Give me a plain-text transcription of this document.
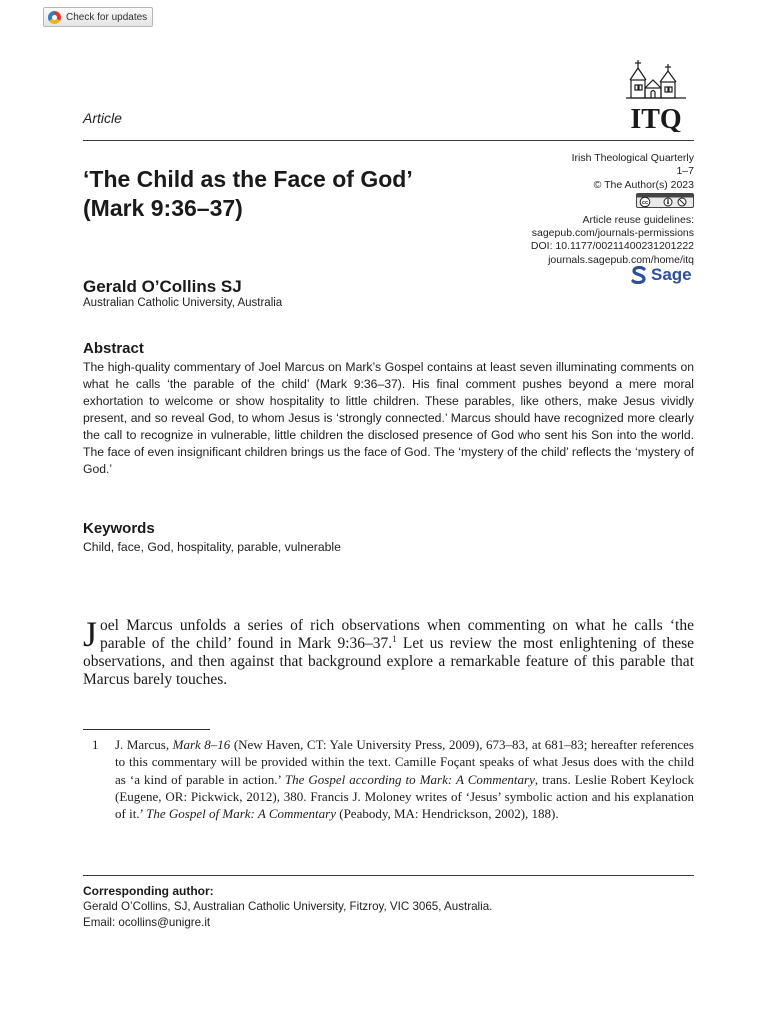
Check for updates
Article	ITQ
‘The Child as the Face of God’
(Mark 9:36–37)
Irish Theological Quarterly
1–7
© The Author(s) 2023
cc
Article reuse guidelines:
sagepub.com/journals-permissions
DOI: 10.1177/00211400231201222
journals.sagepub.com/home/itq
Sage
Gerald O’Collins SJ
Australian Catholic University, Australia
Abstract
The high-quality commentary of Joel Marcus on Mark’s Gospel contains at least seven illuminating comments on what he calls ‘the parable of the child’ (Mark 9:36–37). His final comment pushes beyond a mere moral exhortation to welcome or show hospitality to little children. These parables, like others, make Jesus vividly present, and so reveal God, to whom Jesus is ‘strongly connected.’ Marcus should have recognized more clearly the call to recognize in vulnerable, little children the disclosed presence of God who sent his Son into the world. The face of even insignificant children brings us the face of God. The ‘mystery of the child’ reflects the ‘mystery of God.’
Keywords
Child, face, God, hospitality, parable, vulnerable
Joel Marcus unfolds a series of rich observations when commenting on what he calls ‘the parable of the child’ found in Mark 9:36–37.$^1$ Let us review the most enlightening of these observations, and then against that background explore a remarkable feature of this parable that Marcus barely touches.
1 J. Marcus, Mark 8–16 (New Haven, CT: Yale University Press, 2009), 673–83, at 681–83; hereafter references to this commentary will be provided within the text. Camille Foçant speaks of what Jesus does with the child as ‘a kind of parable in action.’ The Gospel according to Mark: A Commentary, trans. Leslie Robert Keylock (Eugene, OR: Pickwick, 2012), 380. Francis J. Moloney writes of ‘Jesus’ symbolic action and his explanation of it.’ The Gospel of Mark: A Commentary (Peabody, MA: Hendrickson, 2002), 188).
Corresponding author:
Gerald O’Collins, SJ, Australian Catholic University, Fitzroy, VIC 3065, Australia.
Email: ocollins@unigre.it
